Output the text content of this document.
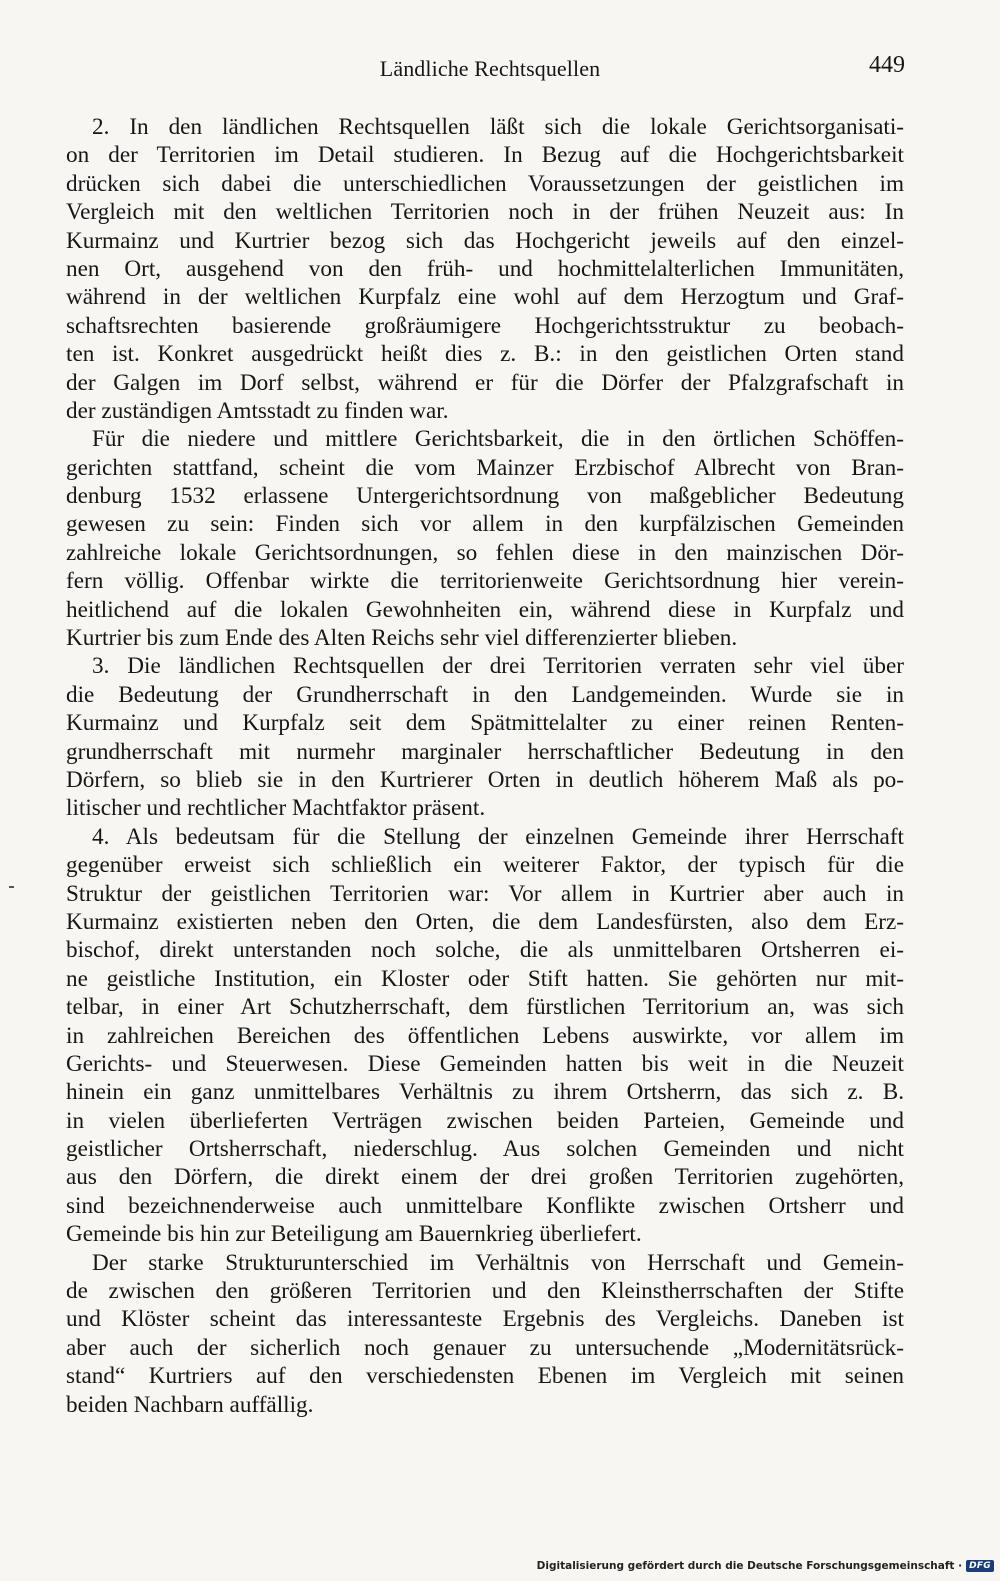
Ländliche Rechtsquellen	449
2. In den ländlichen Rechtsquellen läßt sich die lokale Gerichtsorganisati-
on der Territorien im Detail studieren. In Bezug auf die Hochgerichtsbarkeit
drücken sich dabei die unterschiedlichen Voraussetzungen der geistlichen im
Vergleich mit den weltlichen Territorien noch in der frühen Neuzeit aus: In
Kurmainz und Kurtrier bezog sich das Hochgericht jeweils auf den einzel-
nen Ort, ausgehend von den früh- und hochmittelalterlichen Immunitäten,
während in der weltlichen Kurpfalz eine wohl auf dem Herzogtum und Graf-
schaftsrechten basierende großräumigere Hochgerichtsstruktur zu beobach-
ten ist. Konkret ausgedrückt heißt dies z. B.: in den geistlichen Orten stand
der Galgen im Dorf selbst, während er für die Dörfer der Pfalzgrafschaft in
der zuständigen Amtsstadt zu finden war.
Für die niedere und mittlere Gerichtsbarkeit, die in den örtlichen Schöffen-
gerichten stattfand, scheint die vom Mainzer Erzbischof Albrecht von Bran-
denburg 1532 erlassene Untergerichtsordnung von maßgeblicher Bedeutung
gewesen zu sein: Finden sich vor allem in den kurpfälzischen Gemeinden
zahlreiche lokale Gerichtsordnungen, so fehlen diese in den mainzischen Dör-
fern völlig. Offenbar wirkte die territorienweite Gerichtsordnung hier verein-
heitlichend auf die lokalen Gewohnheiten ein, während diese in Kurpfalz und
Kurtrier bis zum Ende des Alten Reichs sehr viel differenzierter blieben.
3. Die ländlichen Rechtsquellen der drei Territorien verraten sehr viel über
die Bedeutung der Grundherrschaft in den Landgemeinden. Wurde sie in
Kurmainz und Kurpfalz seit dem Spätmittelalter zu einer reinen Renten-
grundherrschaft mit nurmehr marginaler herrschaftlicher Bedeutung in den
Dörfern, so blieb sie in den Kurtrierer Orten in deutlich höherem Maß als po-
litischer und rechtlicher Machtfaktor präsent.
4. Als bedeutsam für die Stellung der einzelnen Gemeinde ihrer Herrschaft
gegenüber erweist sich schließlich ein weiterer Faktor, der typisch für die
Struktur der geistlichen Territorien war: Vor allem in Kurtrier aber auch in
Kurmainz existierten neben den Orten, die dem Landesfürsten, also dem Erz-
bischof, direkt unterstanden noch solche, die als unmittelbaren Ortsherren ei-
ne geistliche Institution, ein Kloster oder Stift hatten. Sie gehörten nur mit-
telbar, in einer Art Schutzherrschaft, dem fürstlichen Territorium an, was sich
in zahlreichen Bereichen des öffentlichen Lebens auswirkte, vor allem im
Gerichts- und Steuerwesen. Diese Gemeinden hatten bis weit in die Neuzeit
hinein ein ganz unmittelbares Verhältnis zu ihrem Ortsherrn, das sich z. B.
in vielen überlieferten Verträgen zwischen beiden Parteien, Gemeinde und
geistlicher Ortsherrschaft, niederschlug. Aus solchen Gemeinden und nicht
aus den Dörfern, die direkt einem der drei großen Territorien zugehörten,
sind bezeichnenderweise auch unmittelbare Konflikte zwischen Ortsherr und
Gemeinde bis hin zur Beteiligung am Bauernkrieg überliefert.
Der starke Strukturunterschied im Verhältnis von Herrschaft und Gemein-
de zwischen den größeren Territorien und den Kleinstherrschaften der Stifte
und Klöster scheint das interessanteste Ergebnis des Vergleichs. Daneben ist
aber auch der sicherlich noch genauer zu untersuchende „Modernitätsrück-
stand“ Kurtriers auf den verschiedensten Ebenen im Vergleich mit seinen
beiden Nachbarn auffällig.
Digitalisierung gefördert durch die Deutsche Forschungsgemeinschaft · DFG
